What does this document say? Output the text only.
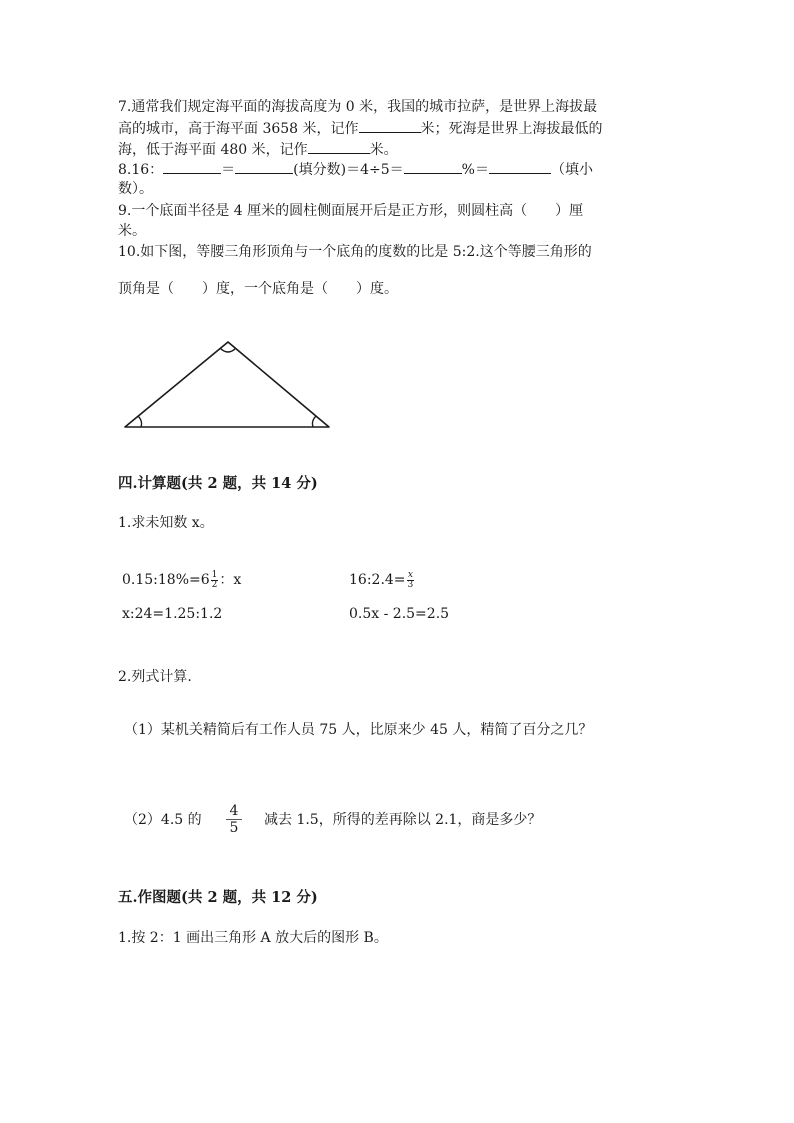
7.通常我们规定海平面的海拔高度为 0 米，我国的城市拉萨，是世界上海拔最
高的城市，高于海平面 3658 米，记作	米；死海是世界上海拔最低的
海，低于海平面 480 米，记作	米。
8.16：	＝	(填分数)＝4÷5＝	%＝	（填小
数）。
9.一个底面半径是 4 厘米的圆柱侧面展开后是正方形，则圆柱高（　　）厘
米。
10.如下图，等腰三角形顶角与一个底角的度数的比是 5:2.这个等腰三角形的
顶角是（　　）度，一个底角是（　　）度。
四.计算题(共 2 题，共 14 分)
1.求未知数 x。
0.15:18%=6 $\frac{1}{2}$ ：x	16:2.4= $\frac{x}{3}$
x:24=1.25:1.2	0.5x - 2.5=2.5
2.列式计算.
（1）某机关精简后有工作人员 75 人，比原来少 45 人，精简了百分之几？
（2）4.5 的 $\frac{4}{5}$ 减去 1.5，所得的差再除以 2.1，商是多少？
五.作图题(共 2 题，共 12 分)
1.按 2：1 画出三角形 A 放大后的图形 B。
